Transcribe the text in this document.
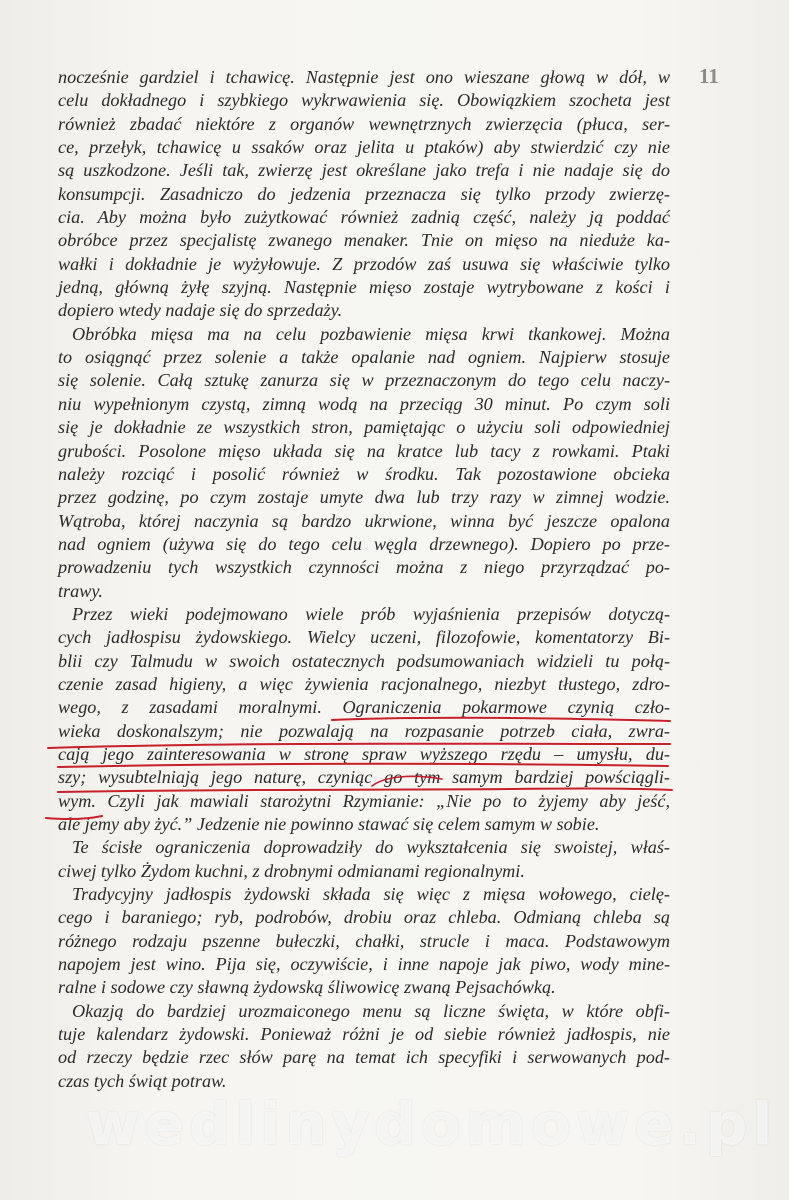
11
nocześnie gardziel i tchawicę. Następnie jest ono wieszane głową w dół, w
celu dokładnego i szybkiego wykrwawienia się. Obowiązkiem szocheta jest
również zbadać niektóre z organów wewnętrznych zwierzęcia (płuca, ser-
ce, przełyk, tchawicę u ssaków oraz jelita u ptaków) aby stwierdzić czy nie
są uszkodzone. Jeśli tak, zwierzę jest określane jako trefa i nie nadaje się do
konsumpcji. Zasadniczo do jedzenia przeznacza się tylko przody zwierzę-
cia. Aby można było zużytkować również zadnią część, należy ją poddać
obróbce przez specjalistę zwanego menaker. Tnie on mięso na nieduże ka-
wałki i dokładnie je wyżyłowuje. Z przodów zaś usuwa się właściwie tylko
jedną, główną żyłę szyjną. Następnie mięso zostaje wytrybowane z kości i
dopiero wtedy nadaje się do sprzedaży.
Obróbka mięsa ma na celu pozbawienie mięsa krwi tkankowej. Można
to osiągnąć przez solenie a także opalanie nad ogniem. Najpierw stosuje
się solenie. Całą sztukę zanurza się w przeznaczonym do tego celu naczy-
niu wypełnionym czystą, zimną wodą na przeciąg 30 minut. Po czym soli
się je dokładnie ze wszystkich stron, pamiętając o użyciu soli odpowiedniej
grubości. Posolone mięso układa się na kratce lub tacy z rowkami. Ptaki
należy rozciąć i posolić również w środku. Tak pozostawione obcieka
przez godzinę, po czym zostaje umyte dwa lub trzy razy w zimnej wodzie.
Wątroba, której naczynia są bardzo ukrwione, winna być jeszcze opalona
nad ogniem (używa się do tego celu węgla drzewnego). Dopiero po prze-
prowadzeniu tych wszystkich czynności można z niego przyrządzać po-
trawy.
Przez wieki podejmowano wiele prób wyjaśnienia przepisów dotyczą-
cych jadłospisu żydowskiego. Wielcy uczeni, filozofowie, komentatorzy Bi-
blii czy Talmudu w swoich ostatecznych podsumowaniach widzieli tu połą-
czenie zasad higieny, a więc żywienia racjonalnego, niezbyt tłustego, zdro-
wego, z zasadami moralnymi. Ograniczenia pokarmowe czynią czło-
wieka doskonalszym; nie pozwalają na rozpasanie potrzeb ciała, zwra-
cają jego zainteresowania w stronę spraw wyższego rzędu – umysłu, du-
szy; wysubtelniają jego naturę, czyniąc go tym samym bardziej powściągli-
wym. Czyli jak mawiali starożytni Rzymianie: „Nie po to żyjemy aby jeść,
ale jemy aby żyć.” Jedzenie nie powinno stawać się celem samym w sobie.
Te ścisłe ograniczenia doprowadziły do wykształcenia się swoistej, właś-
ciwej tylko Żydom kuchni, z drobnymi odmianami regionalnymi.
Tradycyjny jadłospis żydowski składa się więc z mięsa wołowego, cielę-
cego i baraniego; ryb, podrobów, drobiu oraz chleba. Odmianą chleba są
różnego rodzaju pszenne bułeczki, chałki, strucle i maca. Podstawowym
napojem jest wino. Pija się, oczywiście, i inne napoje jak piwo, wody mine-
ralne i sodowe czy sławną żydowską śliwowicę zwaną Pejsachówką.
Okazją do bardziej urozmaiconego menu są liczne święta, w które obfi-
tuje kalendarz żydowski. Ponieważ różni je od siebie również jadłospis, nie
od rzeczy będzie rzec słów parę na temat ich specyfiki i serwowanych pod-
czas tych świąt potraw.
wedlinydomowe.pl
